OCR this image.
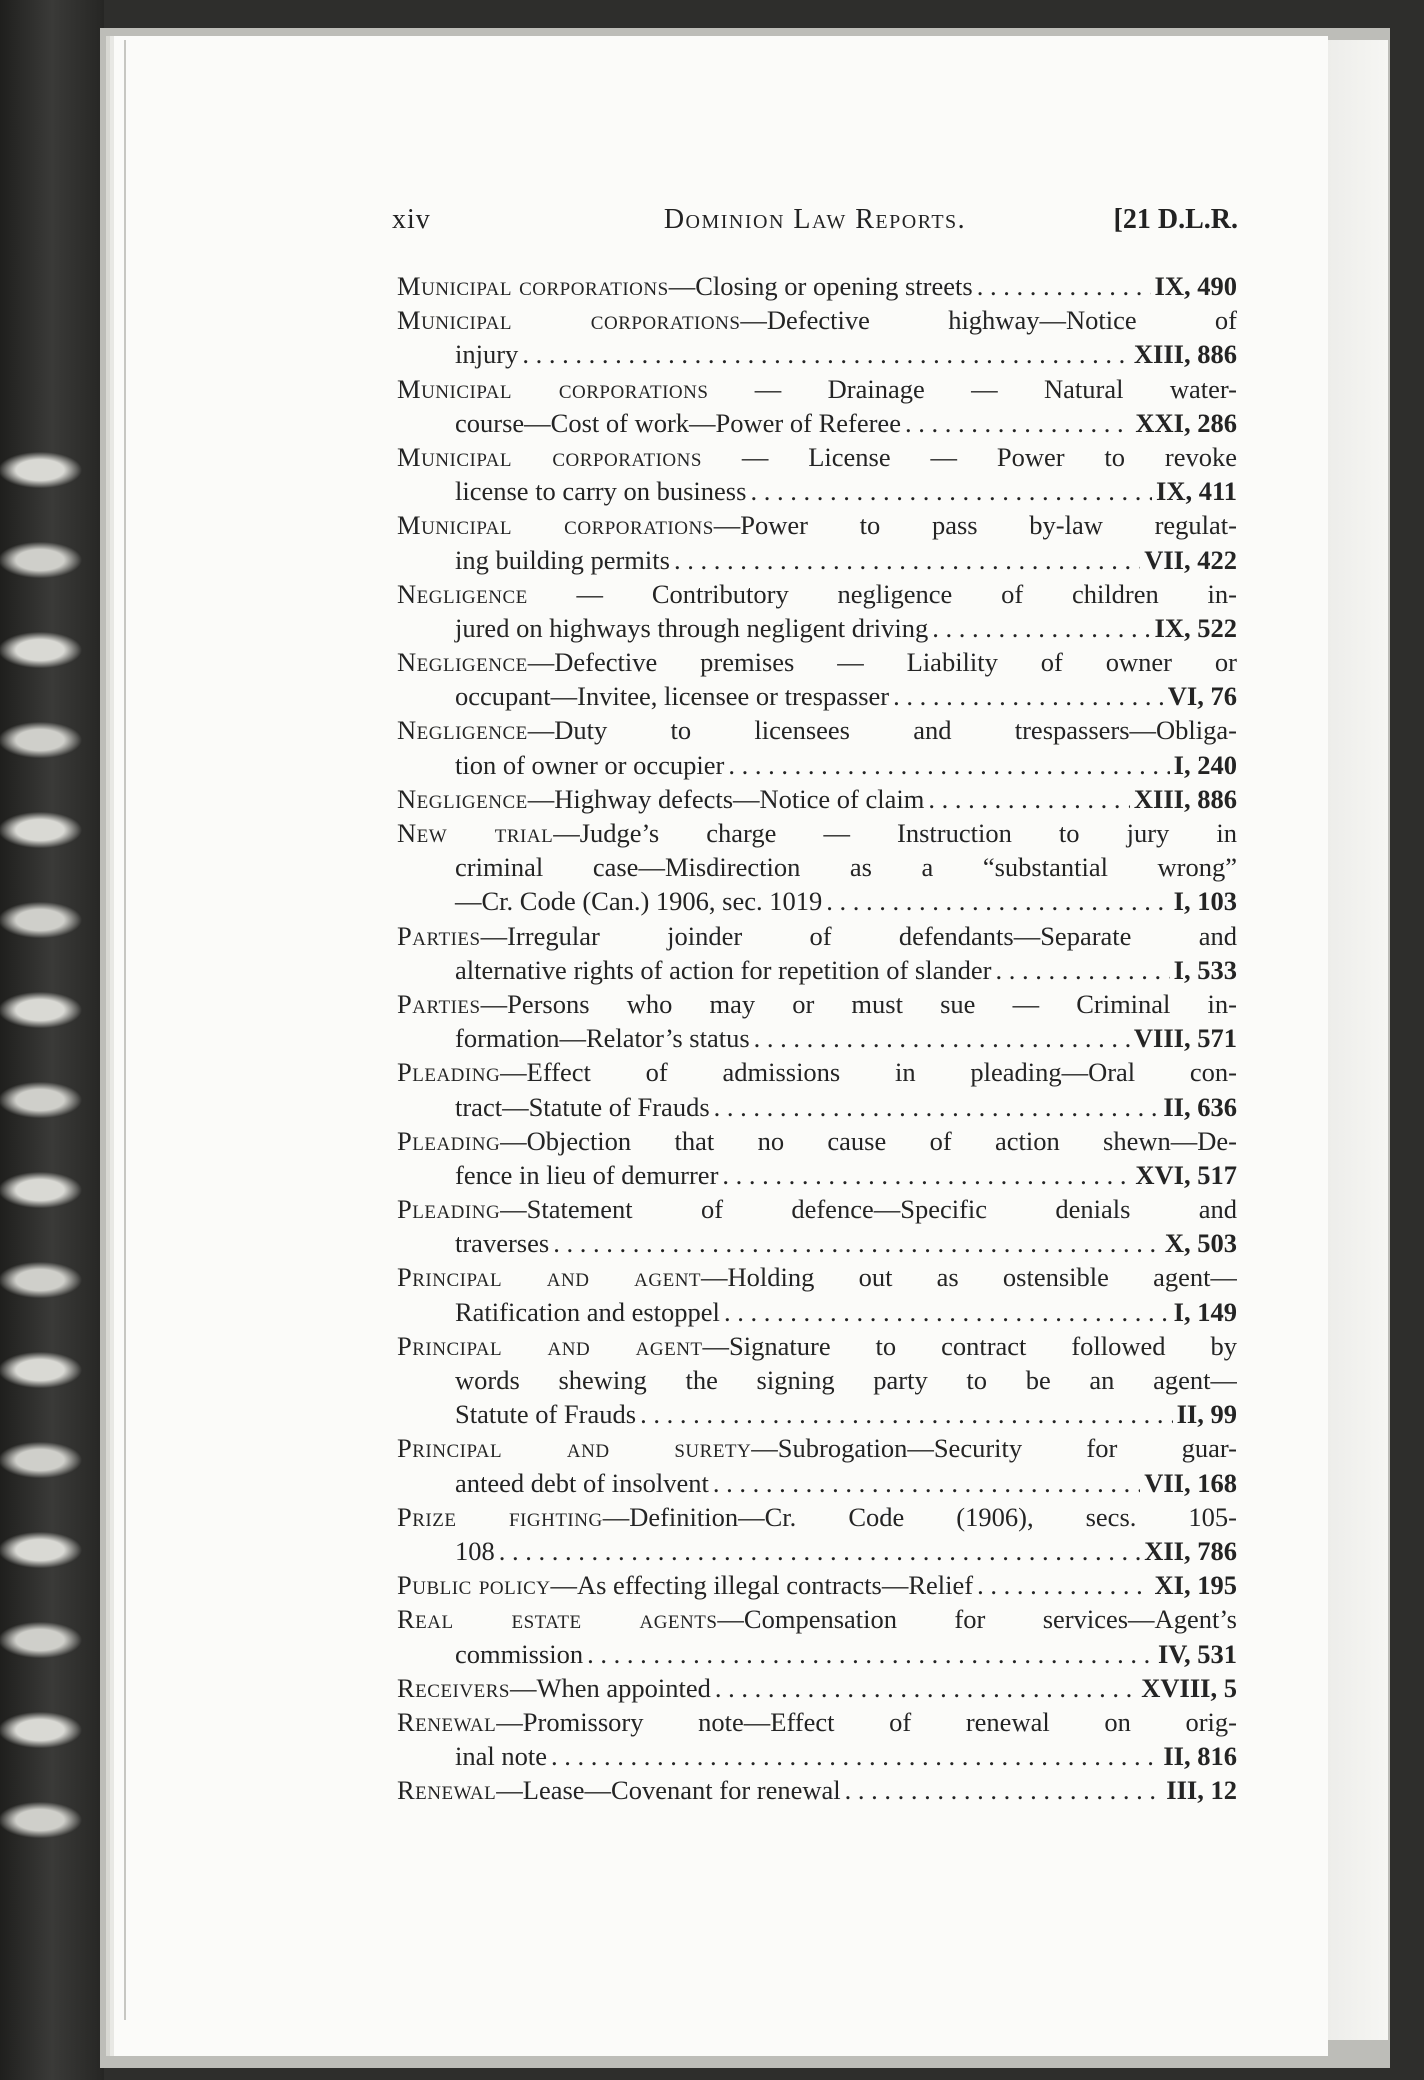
xiv	Dominion Law Reports.	[21 D.L.R.
Municipal corporations—Closing or opening streets . . .	IX, 490
Municipal corporations—Defective highway—Notice of
injury . . .	XIII, 886
Municipal corporations — Drainage — Natural water-
course—Cost of work—Power of Referee . . .	XXI, 286
Municipal corporations — License — Power to revoke
license to carry on business . . .	IX, 411
Municipal corporations—Power to pass by-law regulat-
ing building permits . . .	VII, 422
Negligence — Contributory negligence of children in-
jured on highways through negligent driving . . .	IX, 522
Negligence—Defective premises — Liability of owner or
occupant—Invitee, licensee or trespasser . . .	VI, 76
Negligence—Duty to licensees and trespassers—Obliga-
tion of owner or occupier . . .	I, 240
Negligence—Highway defects—Notice of claim . . .	XIII, 886
New trial—Judge’s charge — Instruction to jury in
criminal case—Misdirection as a “substantial wrong”
—Cr. Code (Can.) 1906, sec. 1019 . . .	I, 103
Parties—Irregular joinder of defendants—Separate and
alternative rights of action for repetition of slander . . .	I, 533
Parties—Persons who may or must sue — Criminal in-
formation—Relator’s status . . .	VIII, 571
Pleading—Effect of admissions in pleading—Oral con-
tract—Statute of Frauds . . .	II, 636
Pleading—Objection that no cause of action shewn—De-
fence in lieu of demurrer . . .	XVI, 517
Pleading—Statement of defence—Specific denials and
traverses . . .	X, 503
Principal and agent—Holding out as ostensible agent—
Ratification and estoppel . . .	I, 149
Principal and agent—Signature to contract followed by
words shewing the signing party to be an agent—
Statute of Frauds . . .	II, 99
Principal and surety—Subrogation—Security for guar-
anteed debt of insolvent . . .	VII, 168
Prize fighting—Definition—Cr. Code (1906), secs. 105-
108 . . .	XII, 786
Public policy—As effecting illegal contracts—Relief . . .	XI, 195
Real estate agents—Compensation for services—Agent’s
commission . . .	IV, 531
Receivers—When appointed . . .	XVIII, 5
Renewal—Promissory note—Effect of renewal on orig-
inal note . . .	II, 816
Renewal—Lease—Covenant for renewal . . .	III, 12
